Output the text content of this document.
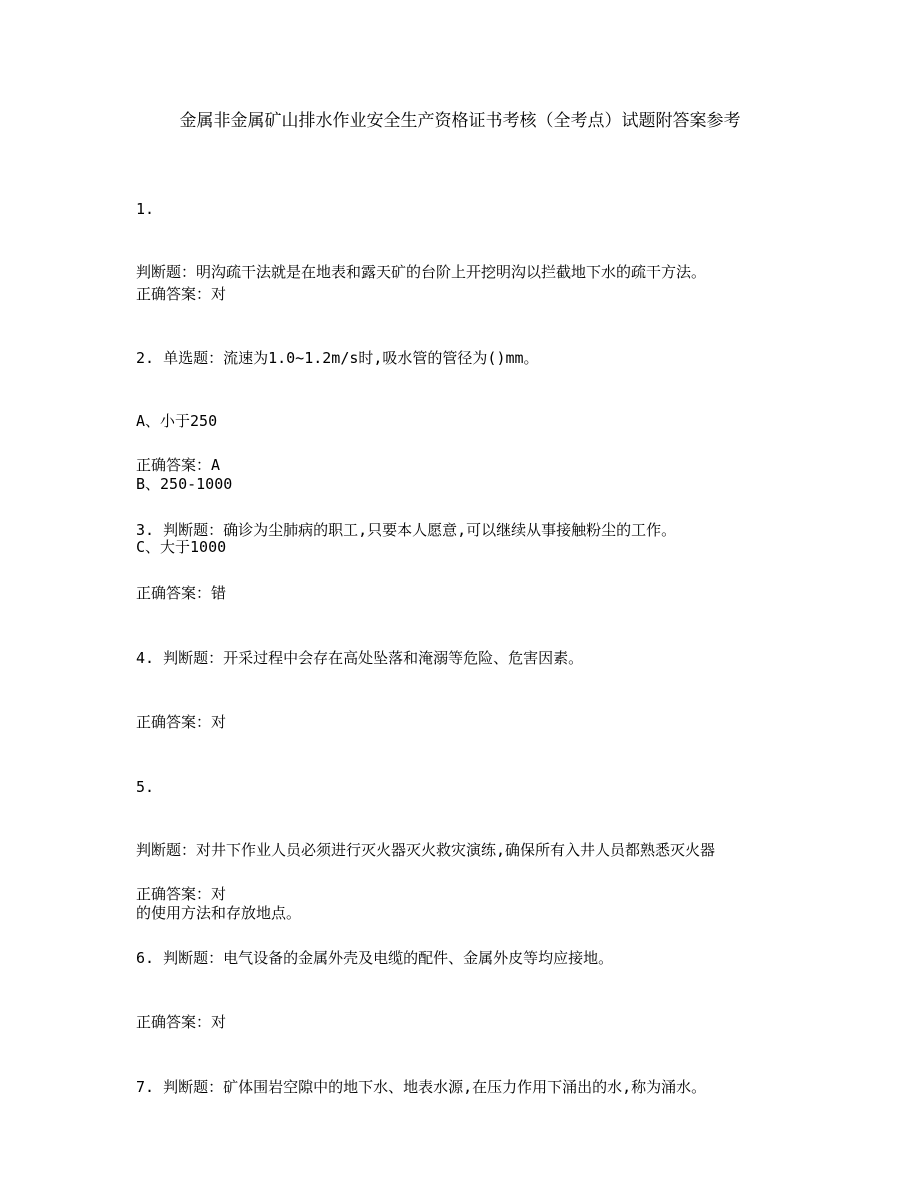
金属非金属矿山排水作业安全生产资格证书考核（全考点）试题附答案参考

1.

判断题：明沟疏干法就是在地表和露天矿的台阶上开挖明沟以拦截地下水的疏干方法。

正确答案：对

2. 单选题：流速为1.0~1.2m/s时,吸水管的管径为()mm。

A、小于250

B、250-1000

C、大于1000

正确答案：A

3. 判断题：确诊为尘肺病的职工,只要本人愿意,可以继续从事接触粉尘的工作。

正确答案：错

4. 判断题：开采过程中会存在高处坠落和淹溺等危险、危害因素。

正确答案：对

5.

判断题：对井下作业人员必须进行灭火器灭火救灾演练,确保所有入井人员都熟悉灭火器

的使用方法和存放地点。

正确答案：对

6. 判断题：电气设备的金属外壳及电缆的配件、金属外皮等均应接地。

正确答案：对

7. 判断题：矿体围岩空隙中的地下水、地表水源,在压力作用下涌出的水,称为涌水。
